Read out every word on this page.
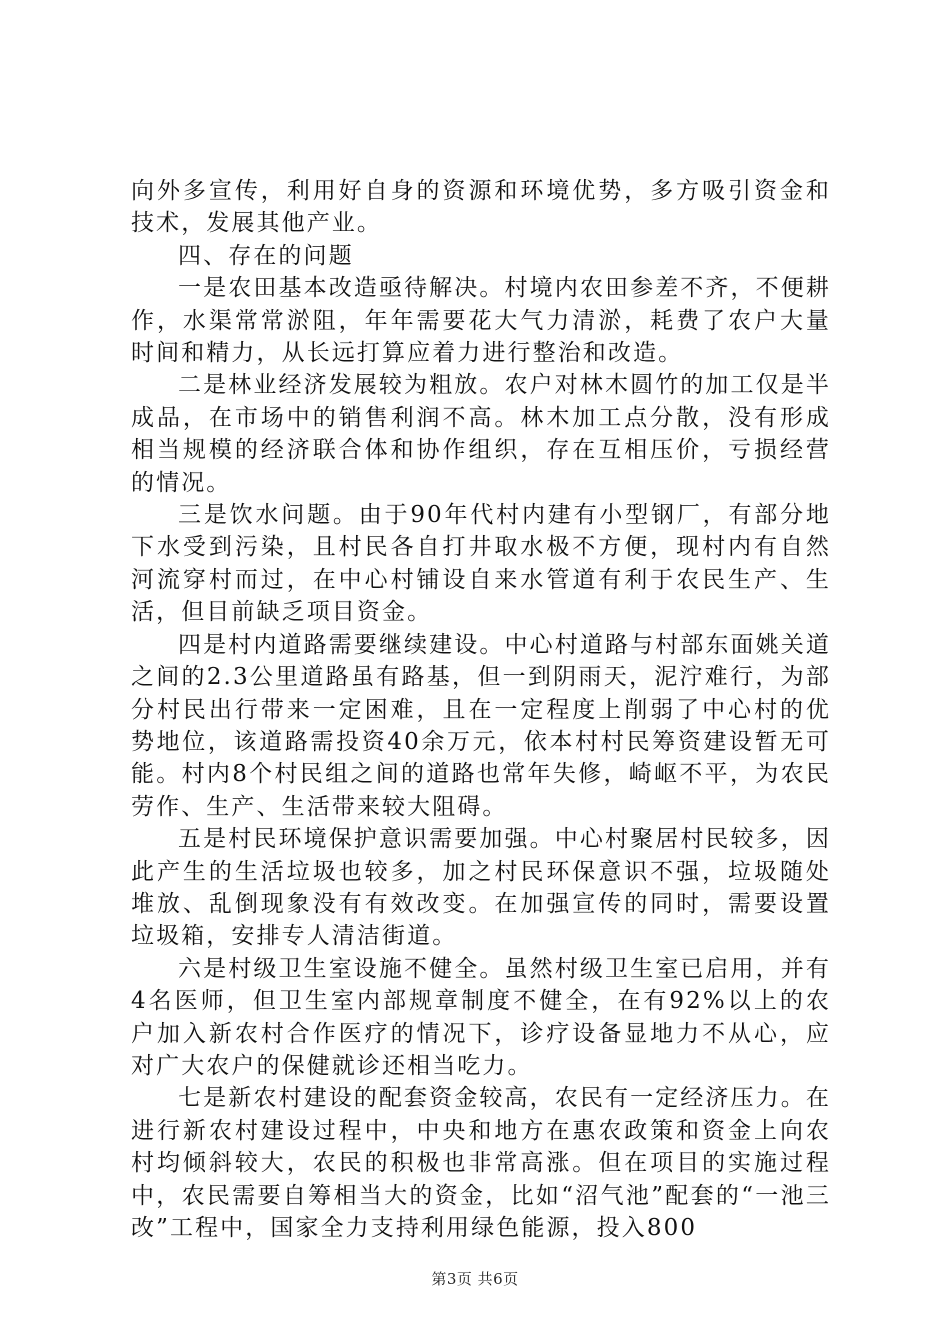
向外多宣传，利用好自身的资源和环境优势，多方吸引资金和技术，发展其他产业。

四、存在的问题

一是农田基本改造亟待解决。村境内农田参差不齐，不便耕作，水渠常常淤阻，年年需要花大气力清淤，耗费了农户大量时间和精力，从长远打算应着力进行整治和改造。

二是林业经济发展较为粗放。农户对林木圆竹的加工仅是半成品，在市场中的销售利润不高。林木加工点分散，没有形成相当规模的经济联合体和协作组织，存在互相压价，亏损经营的情况。

三是饮水问题。由于90年代村内建有小型钢厂，有部分地下水受到污染，且村民各自打井取水极不方便，现村内有自然河流穿村而过，在中心村铺设自来水管道有利于农民生产、生活，但目前缺乏项目资金。

四是村内道路需要继续建设。中心村道路与村部东面姚关道之间的2.3公里道路虽有路基，但一到阴雨天，泥泞难行，为部分村民出行带来一定困难，且在一定程度上削弱了中心村的优势地位，该道路需投资40余万元，依本村村民筹资建设暂无可能。村内8个村民组之间的道路也常年失修，崎岖不平，为农民劳作、生产、生活带来较大阻碍。

五是村民环境保护意识需要加强。中心村聚居村民较多，因此产生的生活垃圾也较多，加之村民环保意识不强，垃圾随处堆放、乱倒现象没有有效改变。在加强宣传的同时，需要设置垃圾箱，安排专人清洁街道。

六是村级卫生室设施不健全。虽然村级卫生室已启用，并有4名医师，但卫生室内部规章制度不健全，在有92%以上的农户加入新农村合作医疗的情况下，诊疗设备显地力不从心，应对广大农户的保健就诊还相当吃力。

七是新农村建设的配套资金较高，农民有一定经济压力。在进行新农村建设过程中，中央和地方在惠农政策和资金上向农村均倾斜较大，农民的积极也非常高涨。但在项目的实施过程中，农民需要自筹相当大的资金，比如“沼气池”配套的“一池三改”工程中，国家全力支持利用绿色能源，投入800

第3页 共6页
